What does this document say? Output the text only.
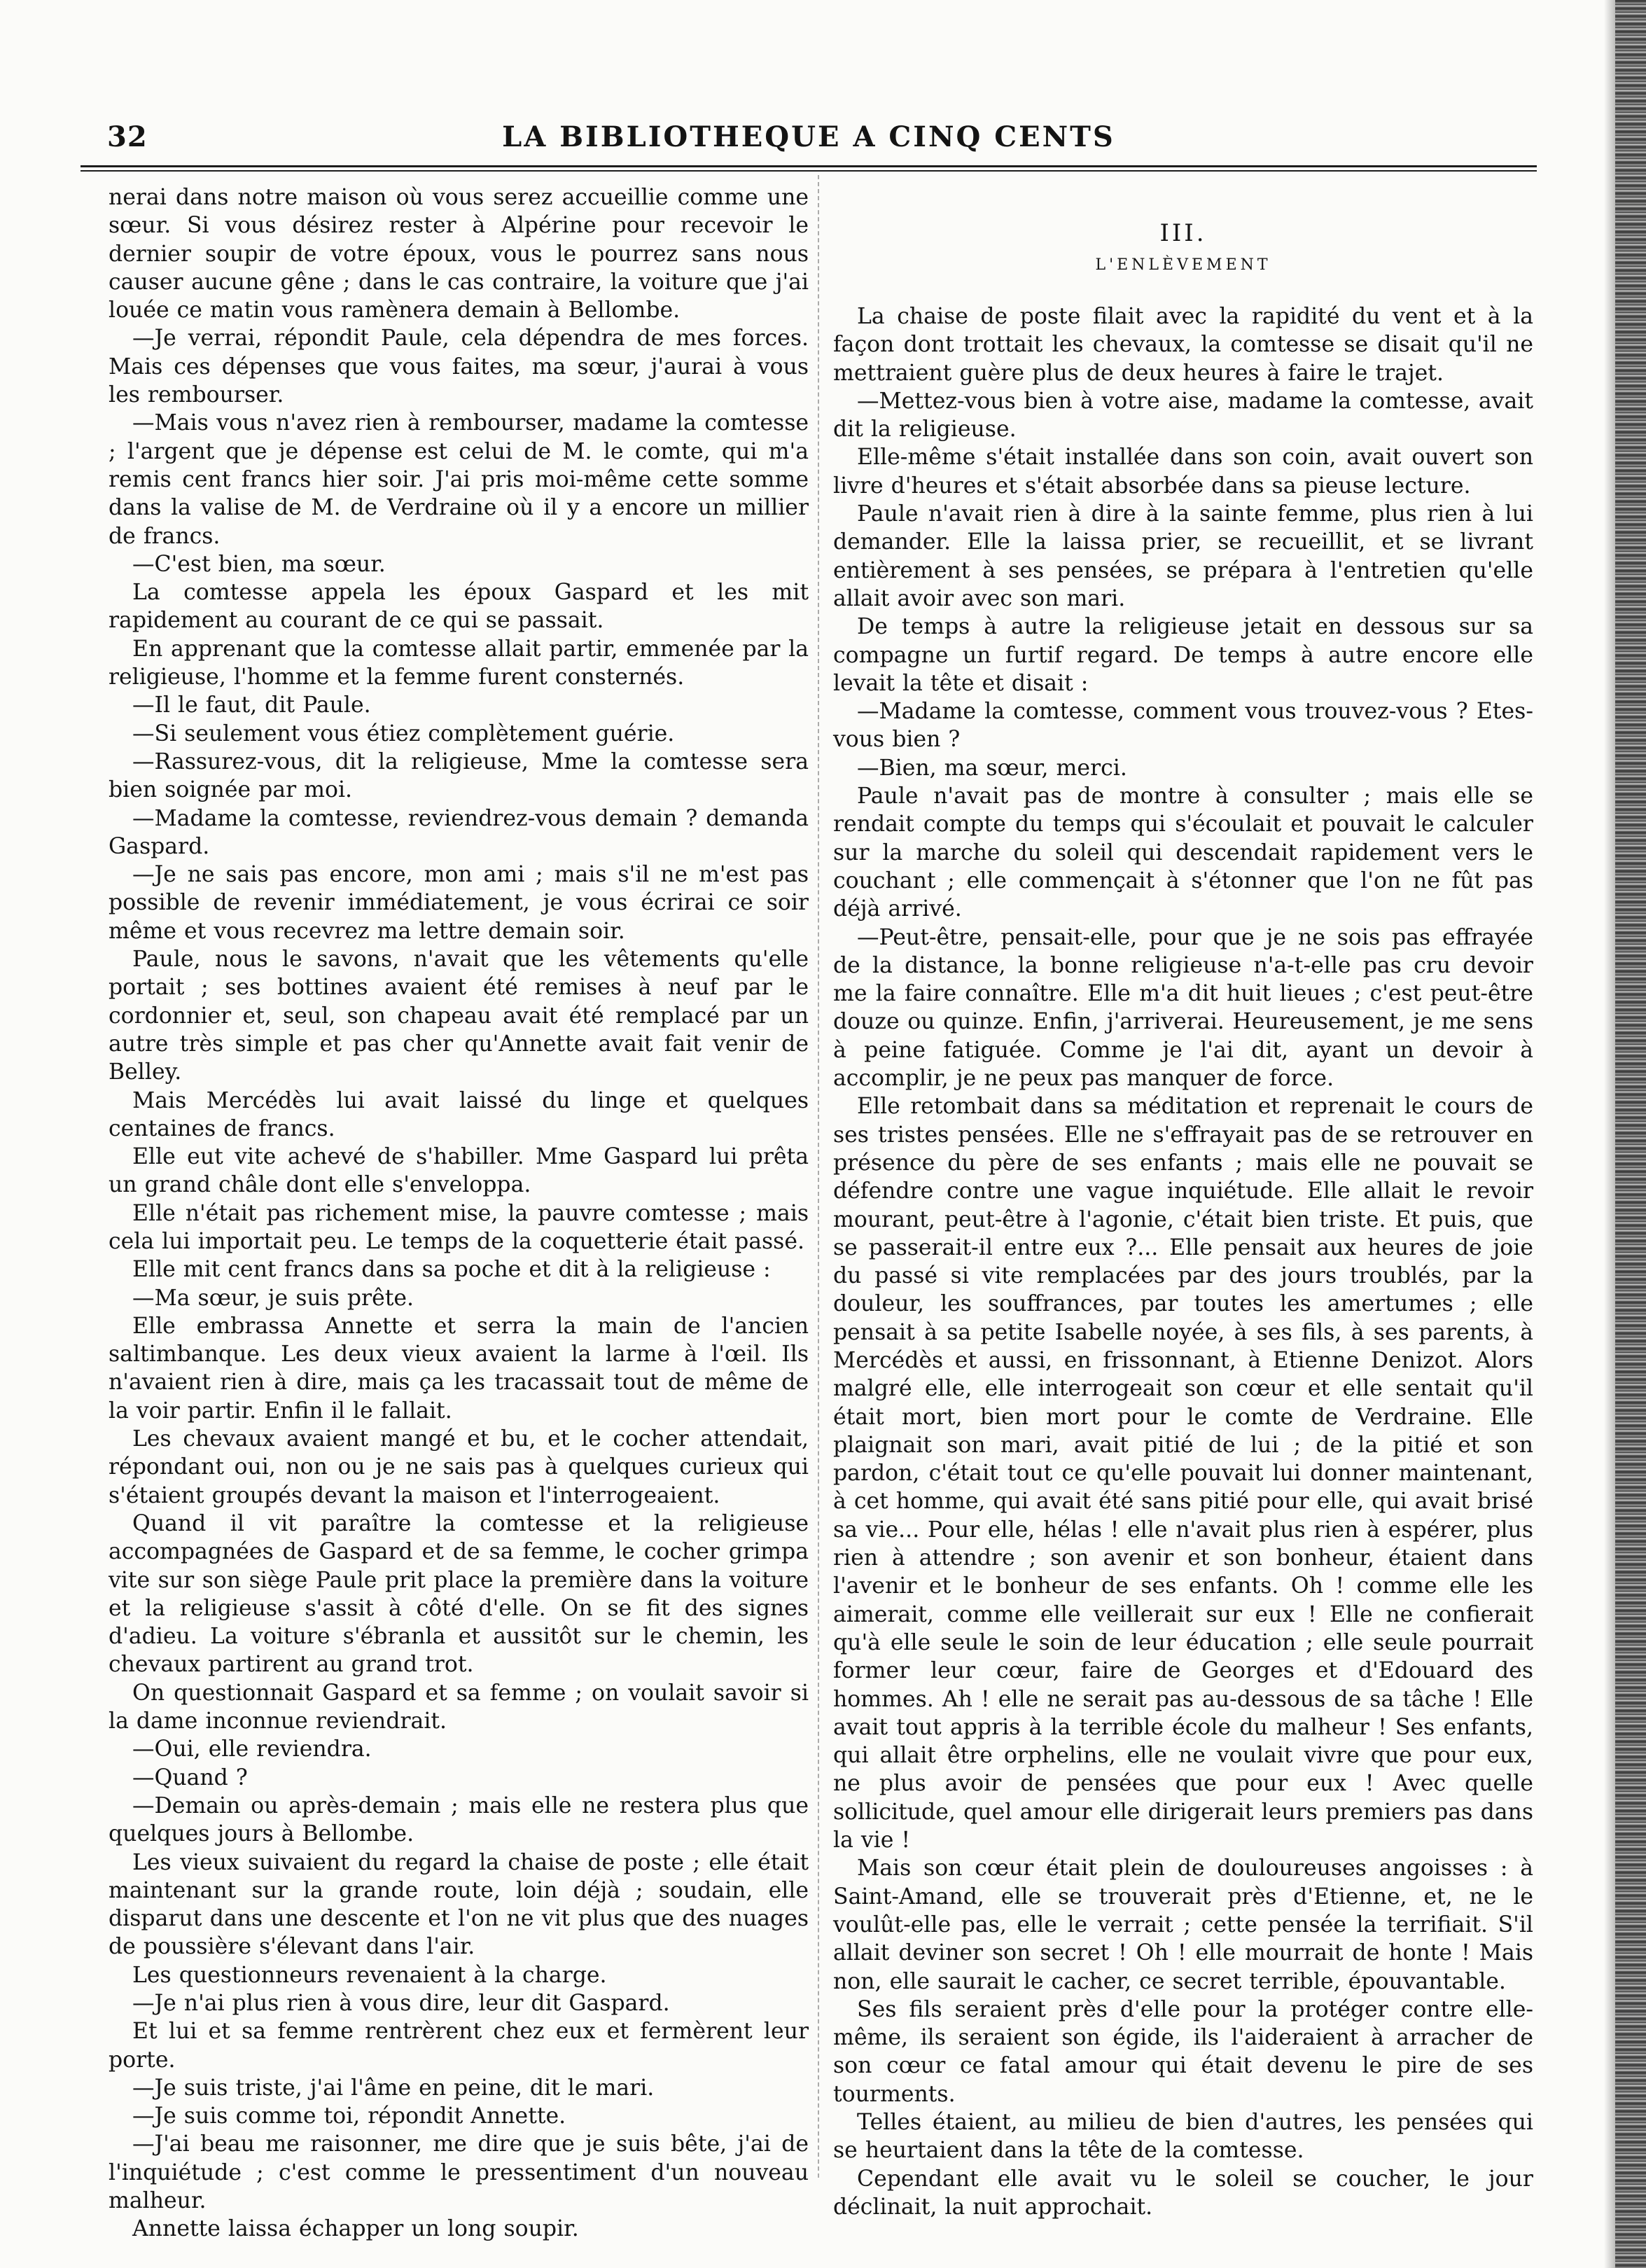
32	LA BIBLIOTHEQUE A CINQ CENTS

nerai dans notre maison où vous serez accueillie comme une sœur. Si vous désirez rester à Alpérine pour recevoir le dernier soupir de votre époux, vous le pourrez sans nous causer aucune gêne ; dans le cas contraire, la voiture que j'ai louée ce matin vous ramènera demain à Bellombe.

—Je verrai, répondit Paule, cela dépendra de mes forces. Mais ces dépenses que vous faites, ma sœur, j'aurai à vous les rembourser.

—Mais vous n'avez rien à rembourser, madame la comtesse ; l'argent que je dépense est celui de M. le comte, qui m'a remis cent francs hier soir. J'ai pris moi-même cette somme dans la valise de M. de Verdraine où il y a encore un millier de francs.

—C'est bien, ma sœur.

La comtesse appela les époux Gaspard et les mit rapidement au courant de ce qui se passait.

En apprenant que la comtesse allait partir, emmenée par la religieuse, l'homme et la femme furent consternés.

—Il le faut, dit Paule.

—Si seulement vous étiez complètement guérie.

—Rassurez-vous, dit la religieuse, Mme la comtesse sera bien soignée par moi.

—Madame la comtesse, reviendrez-vous demain ? demanda Gaspard.

—Je ne sais pas encore, mon ami ; mais s'il ne m'est pas possible de revenir immédiatement, je vous écrirai ce soir même et vous recevrez ma lettre demain soir.

Paule, nous le savons, n'avait que les vêtements qu'elle portait ; ses bottines avaient été remises à neuf par le cordonnier et, seul, son chapeau avait été remplacé par un autre très simple et pas cher qu'Annette avait fait venir de Belley.

Mais Mercédès lui avait laissé du linge et quelques centaines de francs.

Elle eut vite achevé de s'habiller. Mme Gaspard lui prêta un grand châle dont elle s'enveloppa.

Elle n'était pas richement mise, la pauvre comtesse ; mais cela lui importait peu. Le temps de la coquetterie était passé.

Elle mit cent francs dans sa poche et dit à la religieuse :

—Ma sœur, je suis prête.

Elle embrassa Annette et serra la main de l'ancien saltimbanque. Les deux vieux avaient la larme à l'œil. Ils n'avaient rien à dire, mais ça les tracassait tout de même de la voir partir. Enfin il le fallait.

Les chevaux avaient mangé et bu, et le cocher attendait, répondant oui, non ou je ne sais pas à quelques curieux qui s'étaient groupés devant la maison et l'interrogeaient.

Quand il vit paraître la comtesse et la religieuse accompagnées de Gaspard et de sa femme, le cocher grimpa vite sur son siège Paule prit place la première dans la voiture et la religieuse s'assit à côté d'elle. On se fit des signes d'adieu. La voiture s'ébranla et aussitôt sur le chemin, les chevaux partirent au grand trot.

On questionnait Gaspard et sa femme ; on voulait savoir si la dame inconnue reviendrait.

—Oui, elle reviendra.

—Quand ?

—Demain ou après-demain ; mais elle ne restera plus que quelques jours à Bellombe.

Les vieux suivaient du regard la chaise de poste ; elle était maintenant sur la grande route, loin déjà ; soudain, elle disparut dans une descente et l'on ne vit plus que des nuages de poussière s'élevant dans l'air.

Les questionneurs revenaient à la charge.

—Je n'ai plus rien à vous dire, leur dit Gaspard.

Et lui et sa femme rentrèrent chez eux et fermèrent leur porte.

—Je suis triste, j'ai l'âme en peine, dit le mari.

—Je suis comme toi, répondit Annette.

—J'ai beau me raisonner, me dire que je suis bête, j'ai de l'inquiétude ; c'est comme le pressentiment d'un nouveau malheur.

Annette laissa échapper un long soupir.

III.
L'ENLÈVEMENT

La chaise de poste filait avec la rapidité du vent et à la façon dont trottait les chevaux, la comtesse se disait qu'il ne mettraient guère plus de deux heures à faire le trajet.

—Mettez-vous bien à votre aise, madame la comtesse, avait dit la religieuse.

Elle-même s'était installée dans son coin, avait ouvert son livre d'heures et s'était absorbée dans sa pieuse lecture.

Paule n'avait rien à dire à la sainte femme, plus rien à lui demander. Elle la laissa prier, se recueillit, et se livrant entièrement à ses pensées, se prépara à l'entretien qu'elle allait avoir avec son mari.

De temps à autre la religieuse jetait en dessous sur sa compagne un furtif regard. De temps à autre encore elle levait la tête et disait :

—Madame la comtesse, comment vous trouvez-vous ? Etes-vous bien ?

—Bien, ma sœur, merci.

Paule n'avait pas de montre à consulter ; mais elle se rendait compte du temps qui s'écoulait et pouvait le calculer sur la marche du soleil qui descendait rapidement vers le couchant ; elle commençait à s'étonner que l'on ne fût pas déjà arrivé.

—Peut-être, pensait-elle, pour que je ne sois pas effrayée de la distance, la bonne religieuse n'a-t-elle pas cru devoir me la faire connaître. Elle m'a dit huit lieues ; c'est peut-être douze ou quinze. Enfin, j'arriverai. Heureusement, je me sens à peine fatiguée. Comme je l'ai dit, ayant un devoir à accomplir, je ne peux pas manquer de force.

Elle retombait dans sa méditation et reprenait le cours de ses tristes pensées. Elle ne s'effrayait pas de se retrouver en présence du père de ses enfants ; mais elle ne pouvait se défendre contre une vague inquiétude. Elle allait le revoir mourant, peut-être à l'agonie, c'était bien triste. Et puis, que se passerait-il entre eux ?... Elle pensait aux heures de joie du passé si vite remplacées par des jours troublés, par la douleur, les souffrances, par toutes les amertumes ; elle pensait à sa petite Isabelle noyée, à ses fils, à ses parents, à Mercédès et aussi, en frissonnant, à Etienne Denizot. Alors malgré elle, elle interrogeait son cœur et elle sentait qu'il était mort, bien mort pour le comte de Verdraine. Elle plaignait son mari, avait pitié de lui ; de la pitié et son pardon, c'était tout ce qu'elle pouvait lui donner maintenant, à cet homme, qui avait été sans pitié pour elle, qui avait brisé sa vie... Pour elle, hélas ! elle n'avait plus rien à espérer, plus rien à attendre ; son avenir et son bonheur, étaient dans l'avenir et le bonheur de ses enfants. Oh ! comme elle les aimerait, comme elle veillerait sur eux ! Elle ne confierait qu'à elle seule le soin de leur éducation ; elle seule pourrait former leur cœur, faire de Georges et d'Edouard des hommes. Ah ! elle ne serait pas au-dessous de sa tâche ! Elle avait tout appris à la terrible école du malheur ! Ses enfants, qui allait être orphelins, elle ne voulait vivre que pour eux, ne plus avoir de pensées que pour eux ! Avec quelle sollicitude, quel amour elle dirigerait leurs premiers pas dans la vie !

Mais son cœur était plein de douloureuses angoisses : à Saint-Amand, elle se trouverait près d'Etienne, et, ne le voulût-elle pas, elle le verrait ; cette pensée la terrifiait. S'il allait deviner son secret ! Oh ! elle mourrait de honte ! Mais non, elle saurait le cacher, ce secret terrible, épouvantable.

Ses fils seraient près d'elle pour la protéger contre elle-même, ils seraient son égide, ils l'aideraient à arracher de son cœur ce fatal amour qui était devenu le pire de ses tourments.

Telles étaient, au milieu de bien d'autres, les pensées qui se heurtaient dans la tête de la comtesse.

Cependant elle avait vu le soleil se coucher, le jour déclinait, la nuit approchait.
